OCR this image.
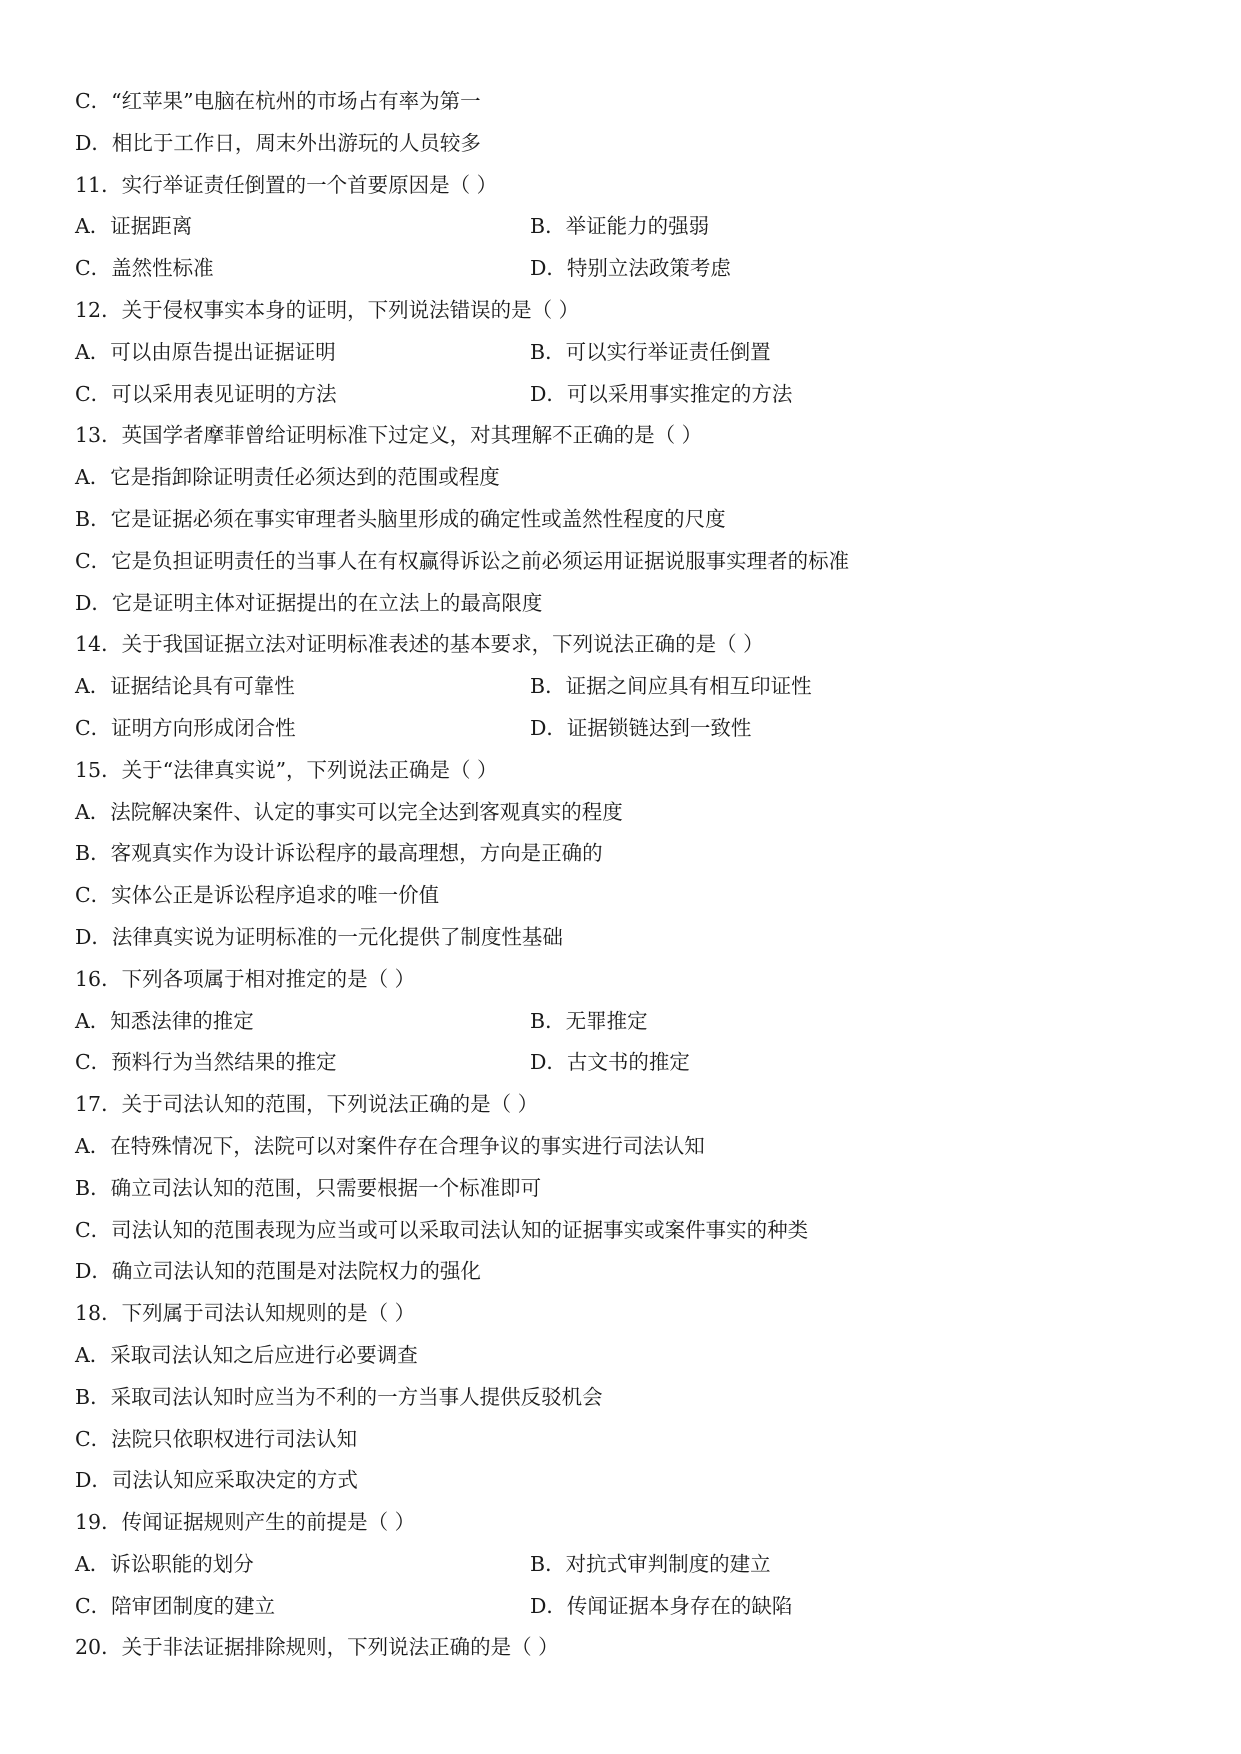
C．“红苹果”电脑在杭州的市场占有率为第一
D．相比于工作日，周末外出游玩的人员较多
11．实行举证责任倒置的一个首要原因是（ ）
A．证据距离	B．举证能力的强弱
C．盖然性标准	D．特别立法政策考虑
12．关于侵权事实本身的证明，下列说法错误的是（ ）
A．可以由原告提出证据证明	B．可以实行举证责任倒置
C．可以采用表见证明的方法	D．可以采用事实推定的方法
13．英国学者摩菲曾给证明标准下过定义，对其理解不正确的是（ ）
A．它是指卸除证明责任必须达到的范围或程度
B．它是证据必须在事实审理者头脑里形成的确定性或盖然性程度的尺度
C．它是负担证明责任的当事人在有权赢得诉讼之前必须运用证据说服事实理者的标准
D．它是证明主体对证据提出的在立法上的最高限度
14．关于我国证据立法对证明标准表述的基本要求，下列说法正确的是（ ）
A．证据结论具有可靠性	B．证据之间应具有相互印证性
C．证明方向形成闭合性	D．证据锁链达到一致性
15．关于“法律真实说”，下列说法正确是（ ）
A．法院解决案件、认定的事实可以完全达到客观真实的程度
B．客观真实作为设计诉讼程序的最高理想，方向是正确的
C．实体公正是诉讼程序追求的唯一价值
D．法律真实说为证明标准的一元化提供了制度性基础
16．下列各项属于相对推定的是（ ）
A．知悉法律的推定	B．无罪推定
C．预料行为当然结果的推定	D．古文书的推定
17．关于司法认知的范围，下列说法正确的是（ ）
A．在特殊情况下，法院可以对案件存在合理争议的事实进行司法认知
B．确立司法认知的范围，只需要根据一个标准即可
C．司法认知的范围表现为应当或可以采取司法认知的证据事实或案件事实的种类
D．确立司法认知的范围是对法院权力的强化
18．下列属于司法认知规则的是（ ）
A．采取司法认知之后应进行必要调查
B．采取司法认知时应当为不利的一方当事人提供反驳机会
C．法院只依职权进行司法认知
D．司法认知应采取决定的方式
19．传闻证据规则产生的前提是（ ）
A．诉讼职能的划分	B．对抗式审判制度的建立
C．陪审团制度的建立	D．传闻证据本身存在的缺陷
20．关于非法证据排除规则，下列说法正确的是（ ）
